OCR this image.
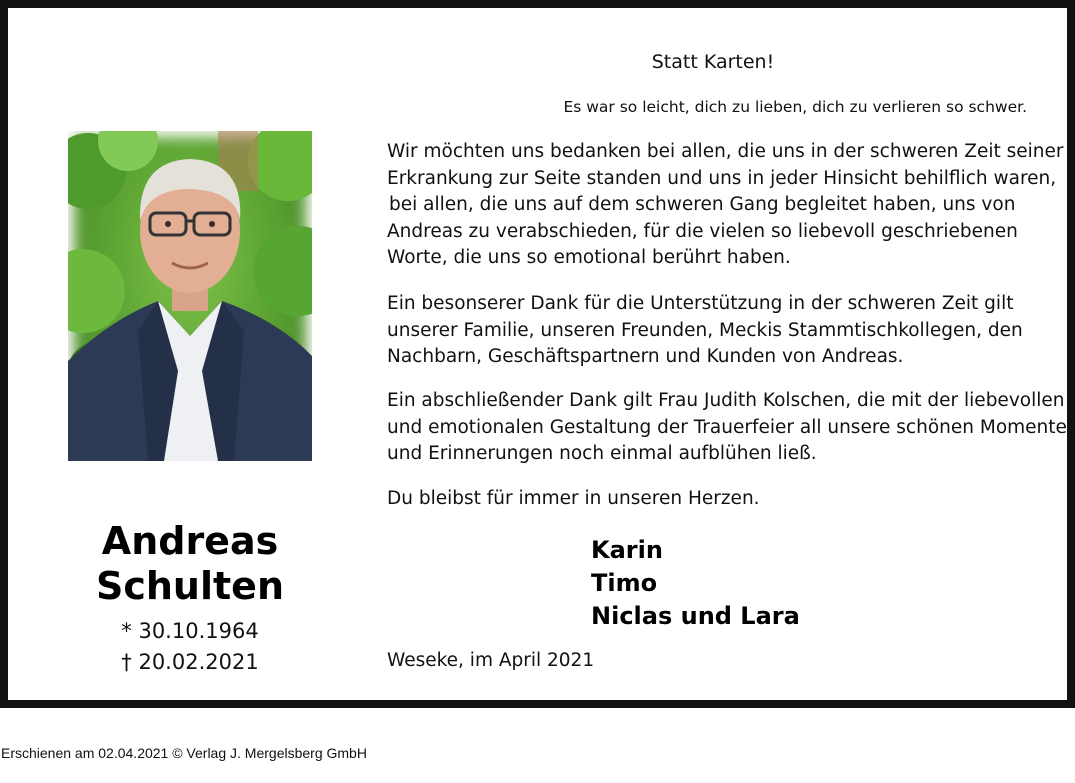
Andreas
Schulten
* 30.10.1964
† 20.02.2021
Statt Karten!
Es war so leicht, dich zu lieben, dich zu verlieren so schwer.
Wir möchten uns bedanken bei allen, die uns in der schweren Zeit seiner
Erkrankung zur Seite standen und uns in jeder Hinsicht behilflich waren,
bei allen, die uns auf dem schweren Gang begleitet haben, uns von
Andreas zu verabschieden, für die vielen so liebevoll geschriebenen
Worte, die uns so emotional berührt haben.
Ein besonserer Dank für die Unterstützung in der schweren Zeit gilt
unserer Familie, unseren Freunden, Meckis Stammtischkollegen, den
Nachbarn, Geschäftspartnern und Kunden von Andreas.
Ein abschließender Dank gilt Frau Judith Kolschen, die mit der liebevollen
und emotionalen Gestaltung der Trauerfeier all unsere schönen Momente
und Erinnerungen noch einmal aufblühen ließ.
Du bleibst für immer in unseren Herzen.
Karin
Timo
Niclas und Lara
Weseke, im April 2021
Erschienen am 02.04.2021 © Verlag J. Mergelsberg GmbH
